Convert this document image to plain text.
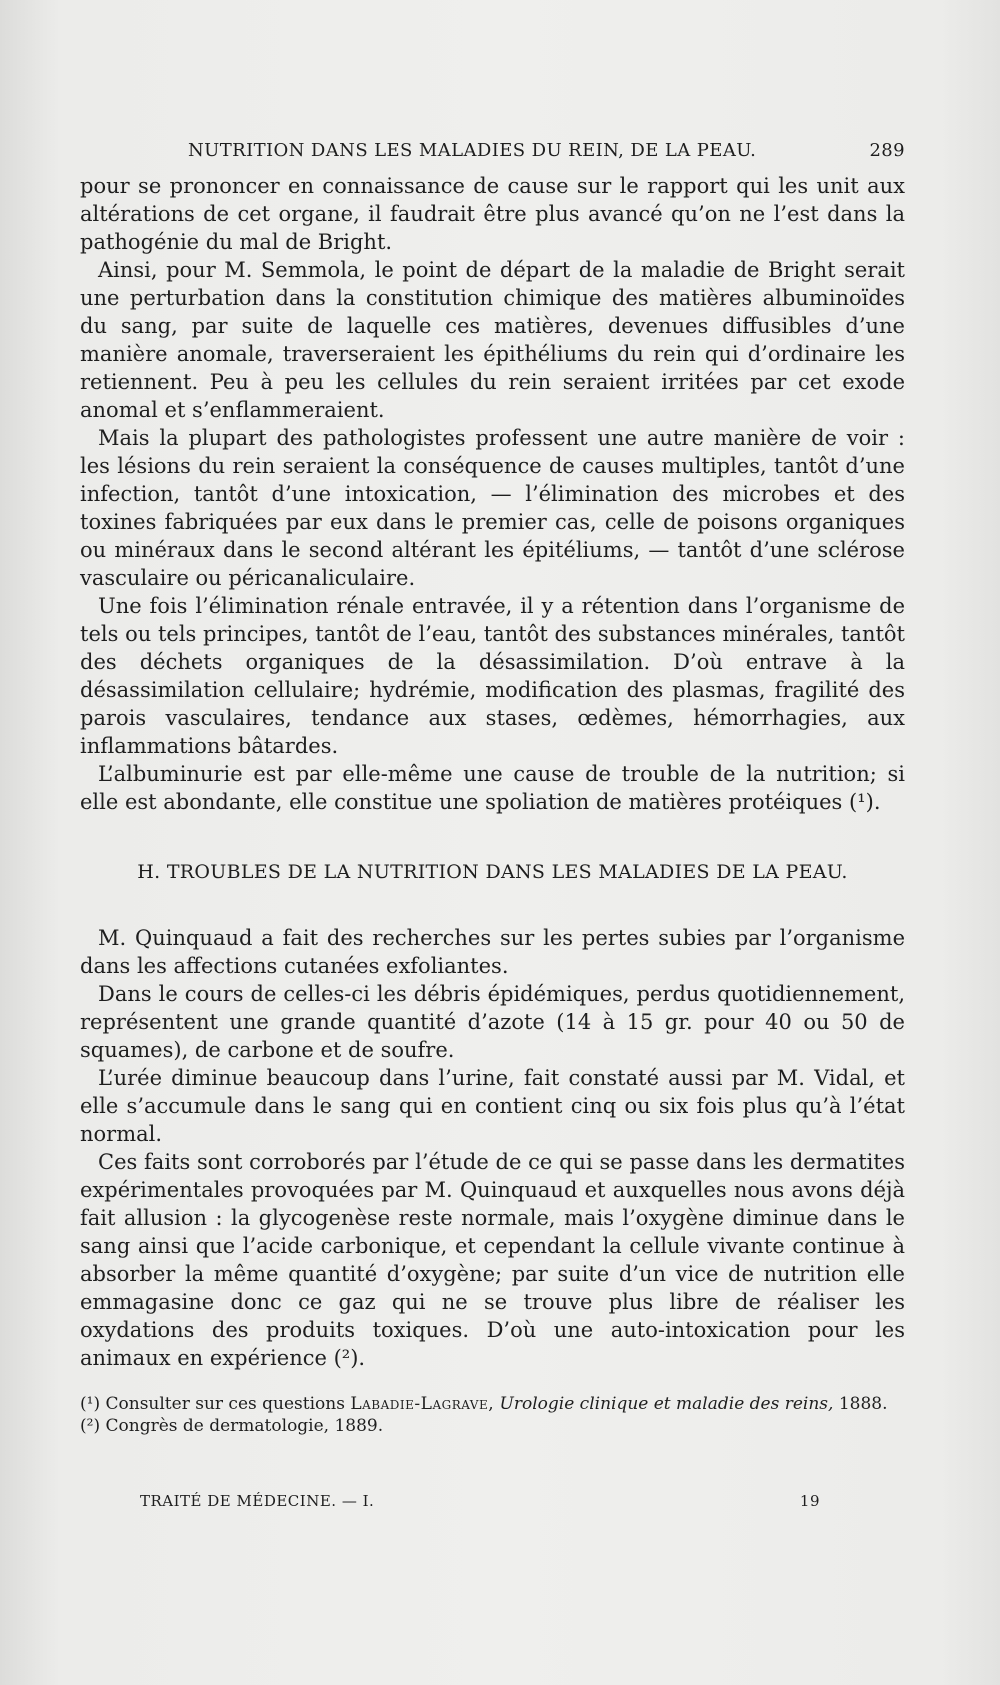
NUTRITION DANS LES MALADIES DU REIN, DE LA PEAU.	289

pour se prononcer en connaissance de cause sur le rapport qui les unit aux altérations de cet organe, il faudrait être plus avancé qu’on ne l’est dans la pathogénie du mal de Bright.

Ainsi, pour M. Semmola, le point de départ de la maladie de Bright serait une perturbation dans la constitution chimique des matières albuminoïdes du sang, par suite de laquelle ces matières, devenues diffusibles d’une manière anomale, traverseraient les épithéliums du rein qui d’ordinaire les retiennent. Peu à peu les cellules du rein seraient irritées par cet exode anomal et s’enflammeraient.

Mais la plupart des pathologistes professent une autre manière de voir : les lésions du rein seraient la conséquence de causes multiples, tantôt d’une infection, tantôt d’une intoxication, — l’élimination des microbes et des toxines fabriquées par eux dans le premier cas, celle de poisons organiques ou minéraux dans le second altérant les épitéliums, — tantôt d’une sclérose vasculaire ou péricanaliculaire.

Une fois l’élimination rénale entravée, il y a rétention dans l’organisme de tels ou tels principes, tantôt de l’eau, tantôt des substances minérales, tantôt des déchets organiques de la désassimilation. D’où entrave à la désassimilation cellulaire; hydrémie, modification des plasmas, fragilité des parois vasculaires, tendance aux stases, œdèmes, hémorrhagies, aux inflammations bâtardes.

L’albuminurie est par elle-même une cause de trouble de la nutrition; si elle est abondante, elle constitue une spoliation de matières protéiques (¹).

H. TROUBLES DE LA NUTRITION DANS LES MALADIES DE LA PEAU.

M. Quinquaud a fait des recherches sur les pertes subies par l’organisme dans les affections cutanées exfoliantes.

Dans le cours de celles-ci les débris épidémiques, perdus quotidiennement, représentent une grande quantité d’azote (14 à 15 gr. pour 40 ou 50 de squames), de carbone et de soufre.

L’urée diminue beaucoup dans l’urine, fait constaté aussi par M. Vidal, et elle s’accumule dans le sang qui en contient cinq ou six fois plus qu’à l’état normal.

Ces faits sont corroborés par l’étude de ce qui se passe dans les dermatites expérimentales provoquées par M. Quinquaud et auxquelles nous avons déjà fait allusion : la glycogenèse reste normale, mais l’oxygène diminue dans le sang ainsi que l’acide carbonique, et cependant la cellule vivante continue à absorber la même quantité d’oxygène; par suite d’un vice de nutrition elle emmagasine donc ce gaz qui ne se trouve plus libre de réaliser les oxydations des produits toxiques. D’où une auto-intoxication pour les animaux en expérience (²).

(¹) Consulter sur ces questions Labadie-Lagrave, Urologie clinique et maladie des reins, 1888.

(²) Congrès de dermatologie, 1889.

TRAITÉ DE MÉDECINE. — I.	19
